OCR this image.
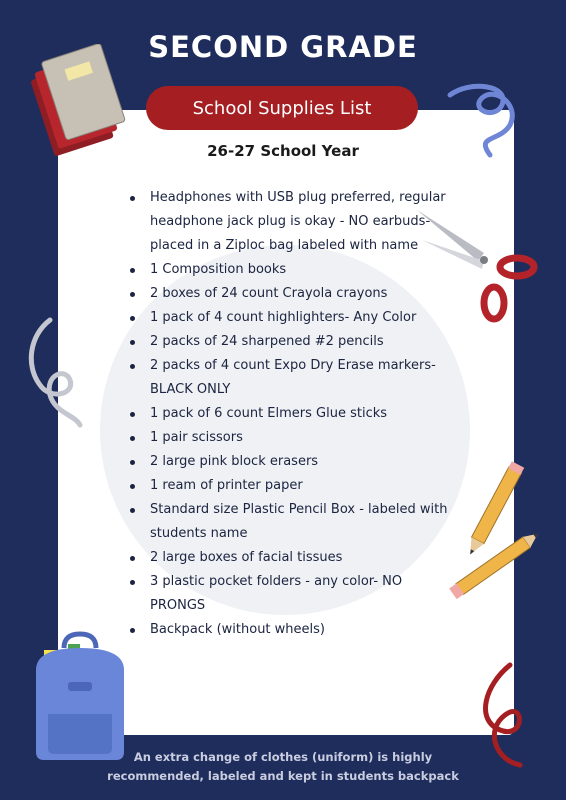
SECOND GRADE
School Supplies List
26-27 School Year
Headphones with USB plug preferred, regular headphone jack plug is okay - NO earbuds- placed in a Ziploc bag labeled with name
1 Composition books
2 boxes of 24 count Crayola crayons
1 pack of 4 count highlighters- Any Color
2 packs of 24 sharpened #2 pencils
2 packs of 4 count Expo Dry Erase markers- BLACK ONLY
1 pack of 6 count Elmers Glue sticks
1 pair scissors
2 large pink block erasers
1 ream of printer paper
Standard size Plastic Pencil Box - labeled with students name
2 large boxes of facial tissues
3 plastic pocket folders - any color- NO PRONGS
Backpack (without wheels)
An extra change of clothes (uniform) is highly
recommended, labeled and kept in students backpack
